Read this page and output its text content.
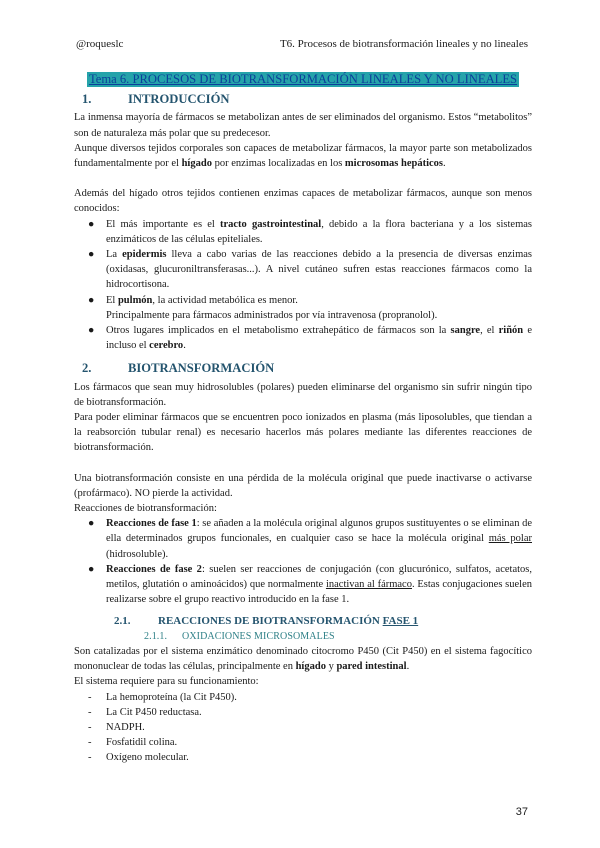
@roqueslc	T6. Procesos de biotransformación lineales y no lineales
Tema 6. PROCESOS DE BIOTRANSFORMACIÓN LINEALES Y NO LINEALES
1.	INTRODUCCIÓN

La inmensa mayoría de fármacos se metabolizan antes de ser eliminados del organismo. Estos “metabolitos” son de naturaleza más polar que su predecesor.

Aunque diversos tejidos corporales son capaces de metabolizar fármacos, la mayor parte son metabolizados fundamentalmente por el hígado por enzimas localizadas en los microsomas hepáticos.

Además del hígado otros tejidos contienen enzimas capaces de metabolizar fármacos, aunque son menos conocidos:

● El más importante es el tracto gastrointestinal, debido a la flora bacteriana y a los sistemas enzimáticos de las células epiteliales.
● La epidermis lleva a cabo varias de las reacciones debido a la presencia de diversas enzimas (oxidasas, glucuroniltransferasas...). A nivel cutáneo sufren estas reacciones fármacos como la hidrocortisona.
● El pulmón, la actividad metabólica es menor.
Principalmente para fármacos administrados por vía intravenosa (propranolol).
● Otros lugares implicados en el metabolismo extrahepático de fármacos son la sangre, el riñón e incluso el cerebro.
2.	BIOTRANSFORMACIÓN

Los fármacos que sean muy hidrosolubles (polares) pueden eliminarse del organismo sin sufrir ningún tipo de biotransformación.

Para poder eliminar fármacos que se encuentren poco ionizados en plasma (más liposolubles, que tiendan a la reabsorción tubular renal) es necesario hacerlos más polares mediante las diferentes reacciones de biotransformación.

Una biotransformación consiste en una pérdida de la molécula original que puede inactivarse o activarse (profármaco). NO pierde la actividad.

Reacciones de biotransformación:

● Reacciones de fase 1: se añaden a la molécula original algunos grupos sustituyentes o se eliminan de ella determinados grupos funcionales, en cualquier caso se hace la molécula original más polar (hidrosoluble).
● Reacciones de fase 2: suelen ser reacciones de conjugación (con glucurónico, sulfatos, acetatos, metilos, glutatión o aminoácidos) que normalmente inactivan al fármaco. Estas conjugaciones suelen realizarse sobre el grupo reactivo introducido en la fase 1.
2.1.	REACCIONES DE BIOTRANSFORMACIÓN FASE 1
2.1.1.	OXIDACIONES MICROSOMALES

Son catalizadas por el sistema enzimático denominado citocromo P450 (Cit P450) en el sistema fagocítico mononuclear de todas las células, principalmente en hígado y pared intestinal.

El sistema requiere para su funcionamiento:

- La hemoproteína (la Cit P450).
- La Cit P450 reductasa.
- NADPH.
- Fosfatidil colina.
- Oxígeno molecular.
37
